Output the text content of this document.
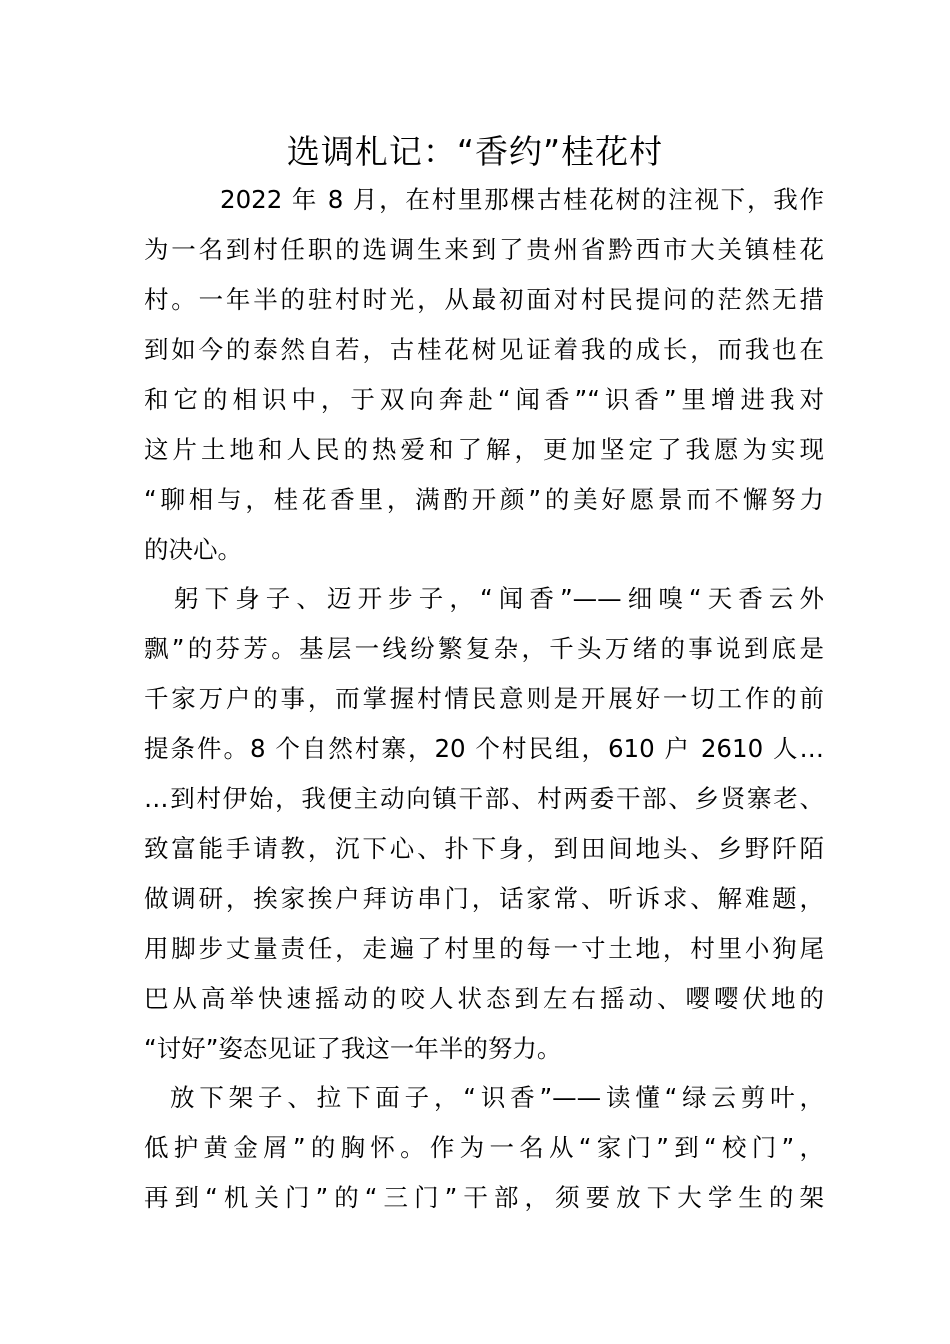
选调札记：“香约”桂花村
2022 年 8 月，在村里那棵古桂花树的注视下，我作
为一名到村任职的选调生来到了贵州省黔西市大关镇桂花
村。一年半的驻村时光，从最初面对村民提问的茫然无措
到如今的泰然自若，古桂花树见证着我的成长，而我也在
和它的相识中，于双向奔赴“闻香”“识香”里增进我对
这片土地和人民的热爱和了解，更加坚定了我愿为实现
“聊相与，桂花香里，满酌开颜”的美好愿景而不懈努力
的决心。
躬下身子、迈开步子，“闻香”——细嗅“天香云外
飘”的芬芳。基层一线纷繁复杂，千头万绪的事说到底是
千家万户的事，而掌握村情民意则是开展好一切工作的前
提条件。8 个自然村寨，20 个村民组，610 户 2610 人…
…到村伊始，我便主动向镇干部、村两委干部、乡贤寨老、
致富能手请教，沉下心、扑下身，到田间地头、乡野阡陌
做调研，挨家挨户拜访串门，话家常、听诉求、解难题，
用脚步丈量责任，走遍了村里的每一寸土地，村里小狗尾
巴从高举快速摇动的咬人状态到左右摇动、嘤嘤伏地的
“讨好”姿态见证了我这一年半的努力。
放下架子、拉下面子，“识香”——读懂“绿云剪叶，
低护黄金屑”的胸怀。作为一名从“家门”到“校门”，
再到“机关门”的“三门”干部，须要放下大学生的架
